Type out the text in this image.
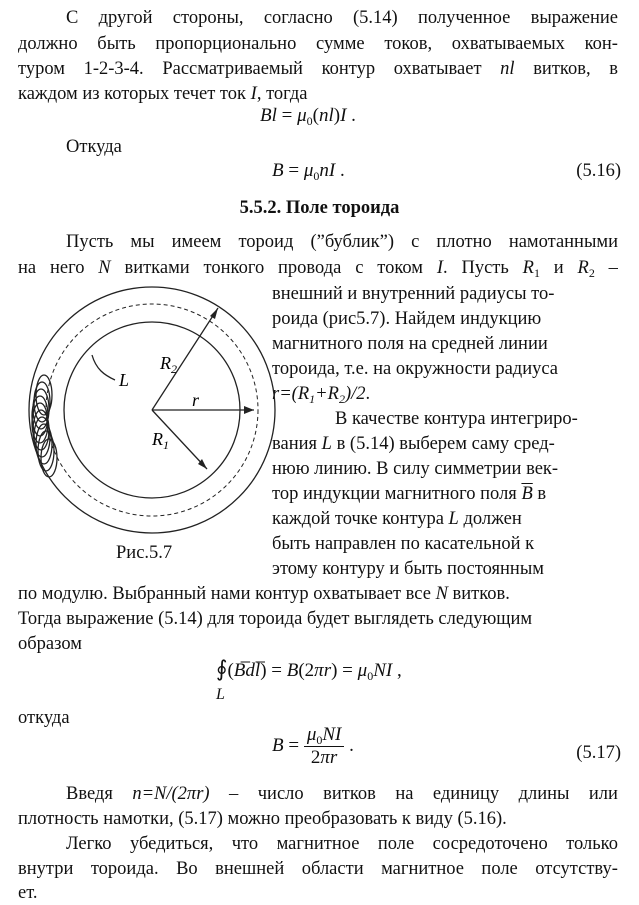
С другой стороны, согласно (5.14) полученное выражение
должно быть пропорционально сумме токов, охватываемых кон-
туром 1-2-3-4. Рассматриваемый контур охватывает nl витков, в
каждом из которых течет ток I, тогда
$Bl = \mu_0(nl)I$ .
Откуда
$B = \mu_0nI$ .	(5.16)
5.5.2. Поле тороида
Пусть мы имеем тороид (”бублик”) с плотно намотанными
на него N витками тонкого провода с током I. Пусть $R_1$ и $R_2$ –
внешний и внутренний радиусы то-
роида (рис5.7). Найдем индукцию
магнитного поля на средней линии
тороида, т.е. на окружности радиуса
$r=(R_1+R_2)/2$.
В качестве контура интегриро-
вания L в (5.14) выберем саму сред-
нюю линию. В силу симметрии век-
тор индукции магнитного поля $\overline{B}$ в
каждой точке контура L должен
быть направлен по касательной к
этому контуру и быть постоянным
по модулю. Выбранный нами контур охватывает все N витков.
Тогда выражение (5.14) для тороида будет выглядеть следующим
образом
∮(Bdl̅) = $B(2\pi r) = \mu_0NI$ ,
L
откуда
$B = \frac{\mu_0NI}{2\pi r}$ .	(5.17)
Введя n=N/(2πr) – число витков на единицу длины или
плотность намотки, (5.17) можно преобразовать к виду (5.16).
Легко убедиться, что магнитное поле сосредоточено только
внутри тороида. Во внешней области магнитное поле отсутству-
ет.
L
$R_2$
r
$R_1$
Рис.5.7
